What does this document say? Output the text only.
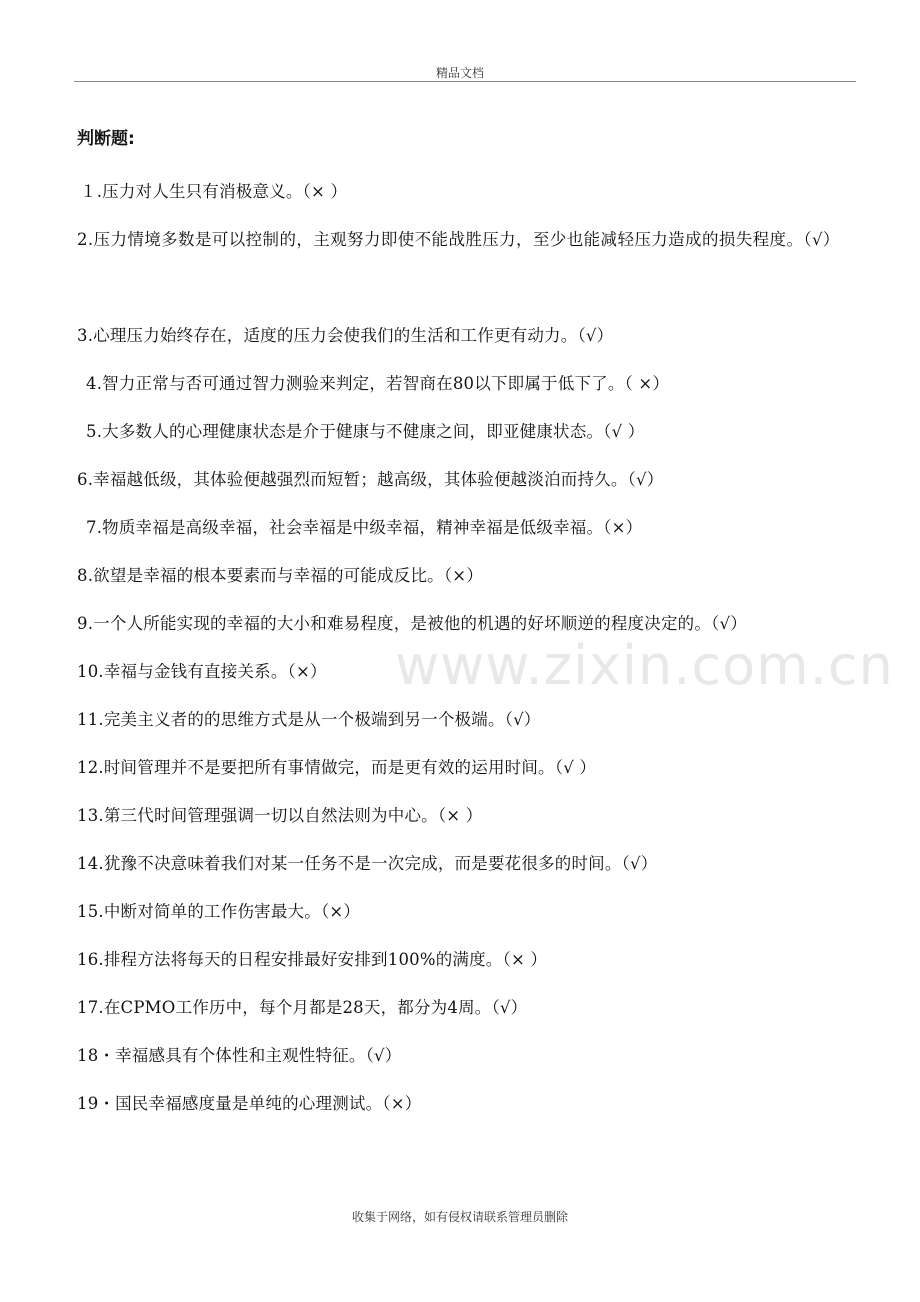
精品文档
判断题:
１.压力对人生只有消极意义。（× ）
2.压力情境多数是可以控制的，主观努力即使不能战胜压力，至少也能减轻压力造成的损失程度。（√）
3.心理压力始终存在，适度的压力会使我们的生活和工作更有动力。（√）
4.智力正常与否可通过智力测验来判定，若智商在80以下即属于低下了。（ ×）
5.大多数人的心理健康状态是介于健康与不健康之间，即亚健康状态。（√ ）
6.幸福越低级，其体验便越强烈而短暂；越高级，其体验便越淡泊而持久。（√）
7.物质幸福是高级幸福，社会幸福是中级幸福，精神幸福是低级幸福。（×）
8.欲望是幸福的根本要素而与幸福的可能成反比。（×）
9.一个人所能实现的幸福的大小和难易程度，是被他的机遇的好坏顺逆的程度决定的。（√）
10.幸福与金钱有直接关系。（×）
11.完美主义者的的思维方式是从一个极端到另一个极端。（√）
12.时间管理并不是要把所有事情做完，而是更有效的运用时间。（√ ）
13.第三代时间管理强调一切以自然法则为中心。（× ）
14.犹豫不决意味着我们对某一任务不是一次完成，而是要花很多的时间。（√）
15.中断对简单的工作伤害最大。（×）
16.排程方法将每天的日程安排最好安排到100%的满度。（× ）
17.在CPMO工作历中，每个月都是28天，都分为4周。（√）
18・幸福感具有个体性和主观性特征。（√）
19・国民幸福感度量是单纯的心理测试。（×）
www.zixin.com.cn
收集于网络，如有侵权请联系管理员删除
